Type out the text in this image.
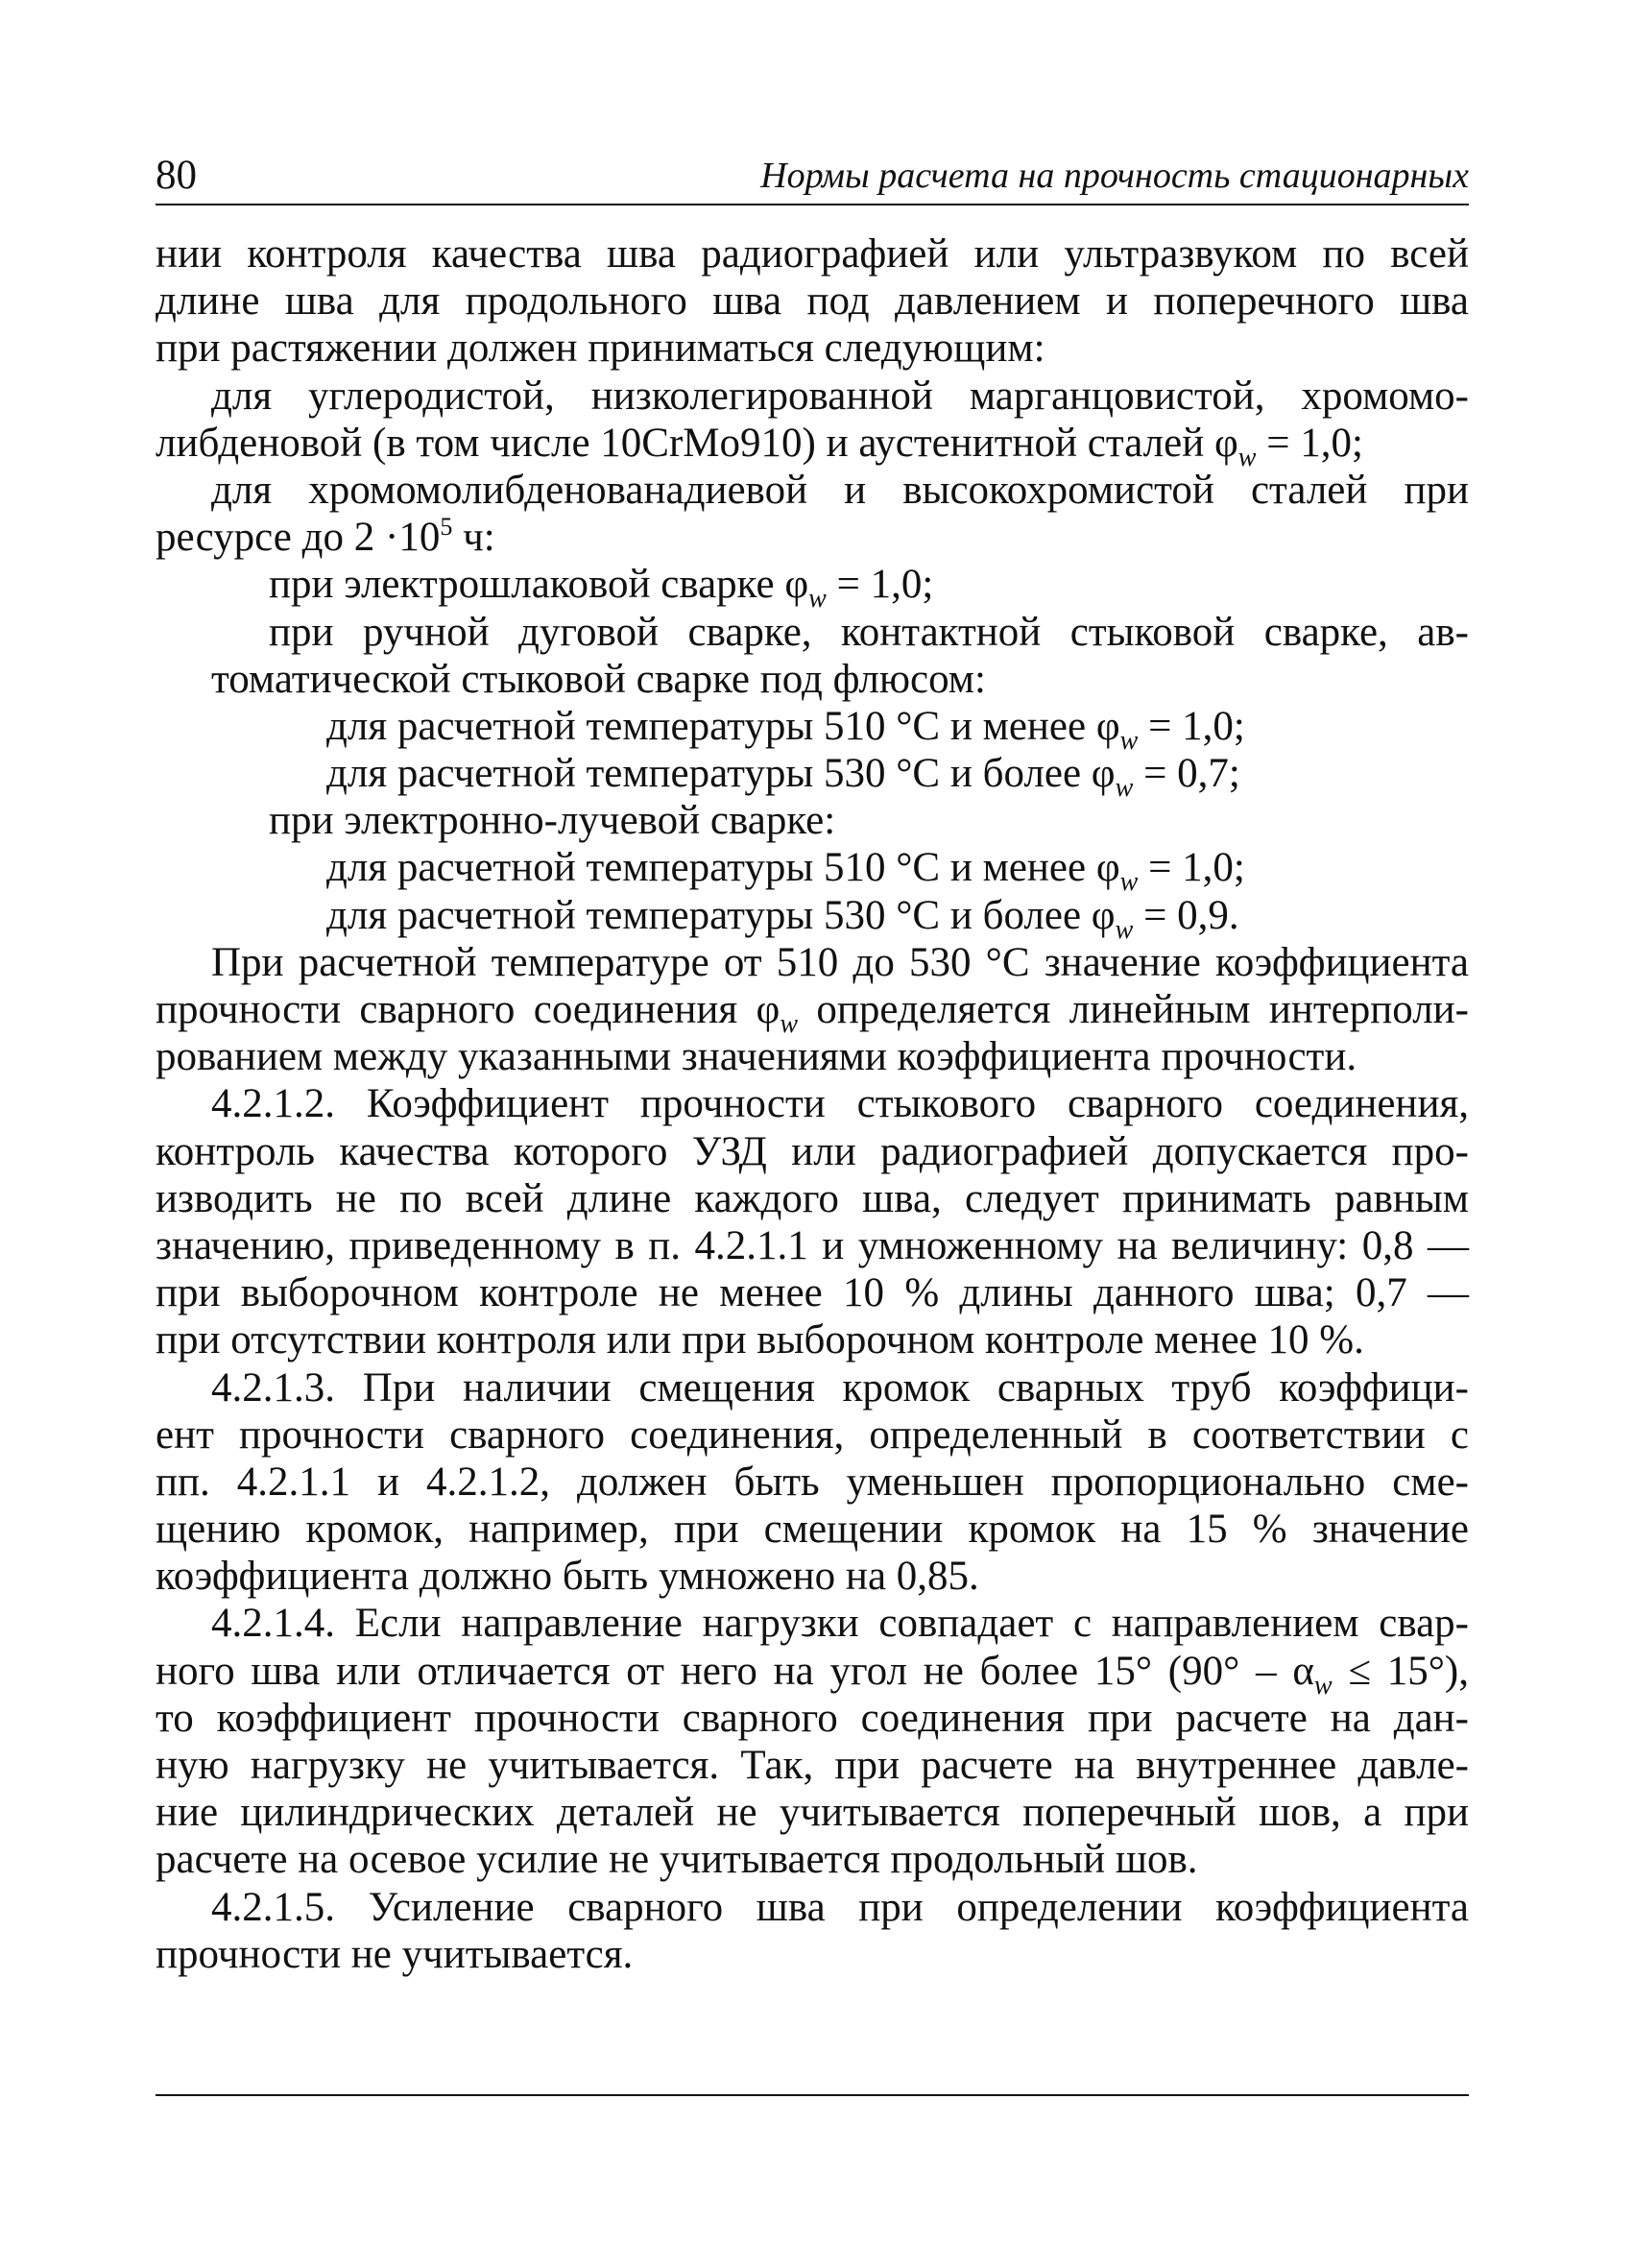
80	Нормы расчета на прочность стационарных
нии контроля качества шва радиографией или ультразвуком по всей
длине шва для продольного шва под давлением и поперечного шва
при растяжении должен приниматься следующим:
для углеродистой, низколегированной марганцовистой, хромомо-
либденовой (в том числе 10CrMo910) и аустенитной сталей $\varphi_w = 1,0$;
для хромомолибденованадиевой и высокохромистой сталей при
ресурсе до $2 \cdot 10^5$ ч:
при электрошлаковой сварке $\varphi_w = 1,0$;
при ручной дуговой сварке, контактной стыковой сварке, ав-
томатической стыковой сварке под флюсом:
для расчетной температуры 510 °С и менее $\varphi_w = 1,0$;
для расчетной температуры 530 °С и более $\varphi_w = 0,7$;
при электронно-лучевой сварке:
для расчетной температуры 510 °С и менее $\varphi_w = 1,0$;
для расчетной температуры 530 °С и более $\varphi_w = 0,9$.
При расчетной температуре от 510 до 530 °С значение коэффициента
прочности сварного соединения $\varphi_w$ определяется линейным интерполи-
рованием между указанными значениями коэффициента прочности.
4.2.1.2. Коэффициент прочности стыкового сварного соединения,
контроль качества которого УЗД или радиографией допускается про-
изводить не по всей длине каждого шва, следует принимать равным
значению, приведенному в п. 4.2.1.1 и умноженному на величину: 0,8 —
при выборочном контроле не менее 10 % длины данного шва; 0,7 —
при отсутствии контроля или при выборочном контроле менее 10 %.
4.2.1.3. При наличии смещения кромок сварных труб коэффици-
ент прочности сварного соединения, определенный в соответствии с
пп. 4.2.1.1 и 4.2.1.2, должен быть уменьшен пропорционально сме-
щению кромок, например, при смещении кромок на 15 % значение
коэффициента должно быть умножено на 0,85.
4.2.1.4. Если направление нагрузки совпадает с направлением свар-
ного шва или отличается от него на угол не более 15° $(90^\circ - \alpha_w \le 15^\circ)$,
то коэффициент прочности сварного соединения при расчете на дан-
ную нагрузку не учитывается. Так, при расчете на внутреннее давле-
ние цилиндрических деталей не учитывается поперечный шов, а при
расчете на осевое усилие не учитывается продольный шов.
4.2.1.5. Усиление сварного шва при определении коэффициента
прочности не учитывается.
